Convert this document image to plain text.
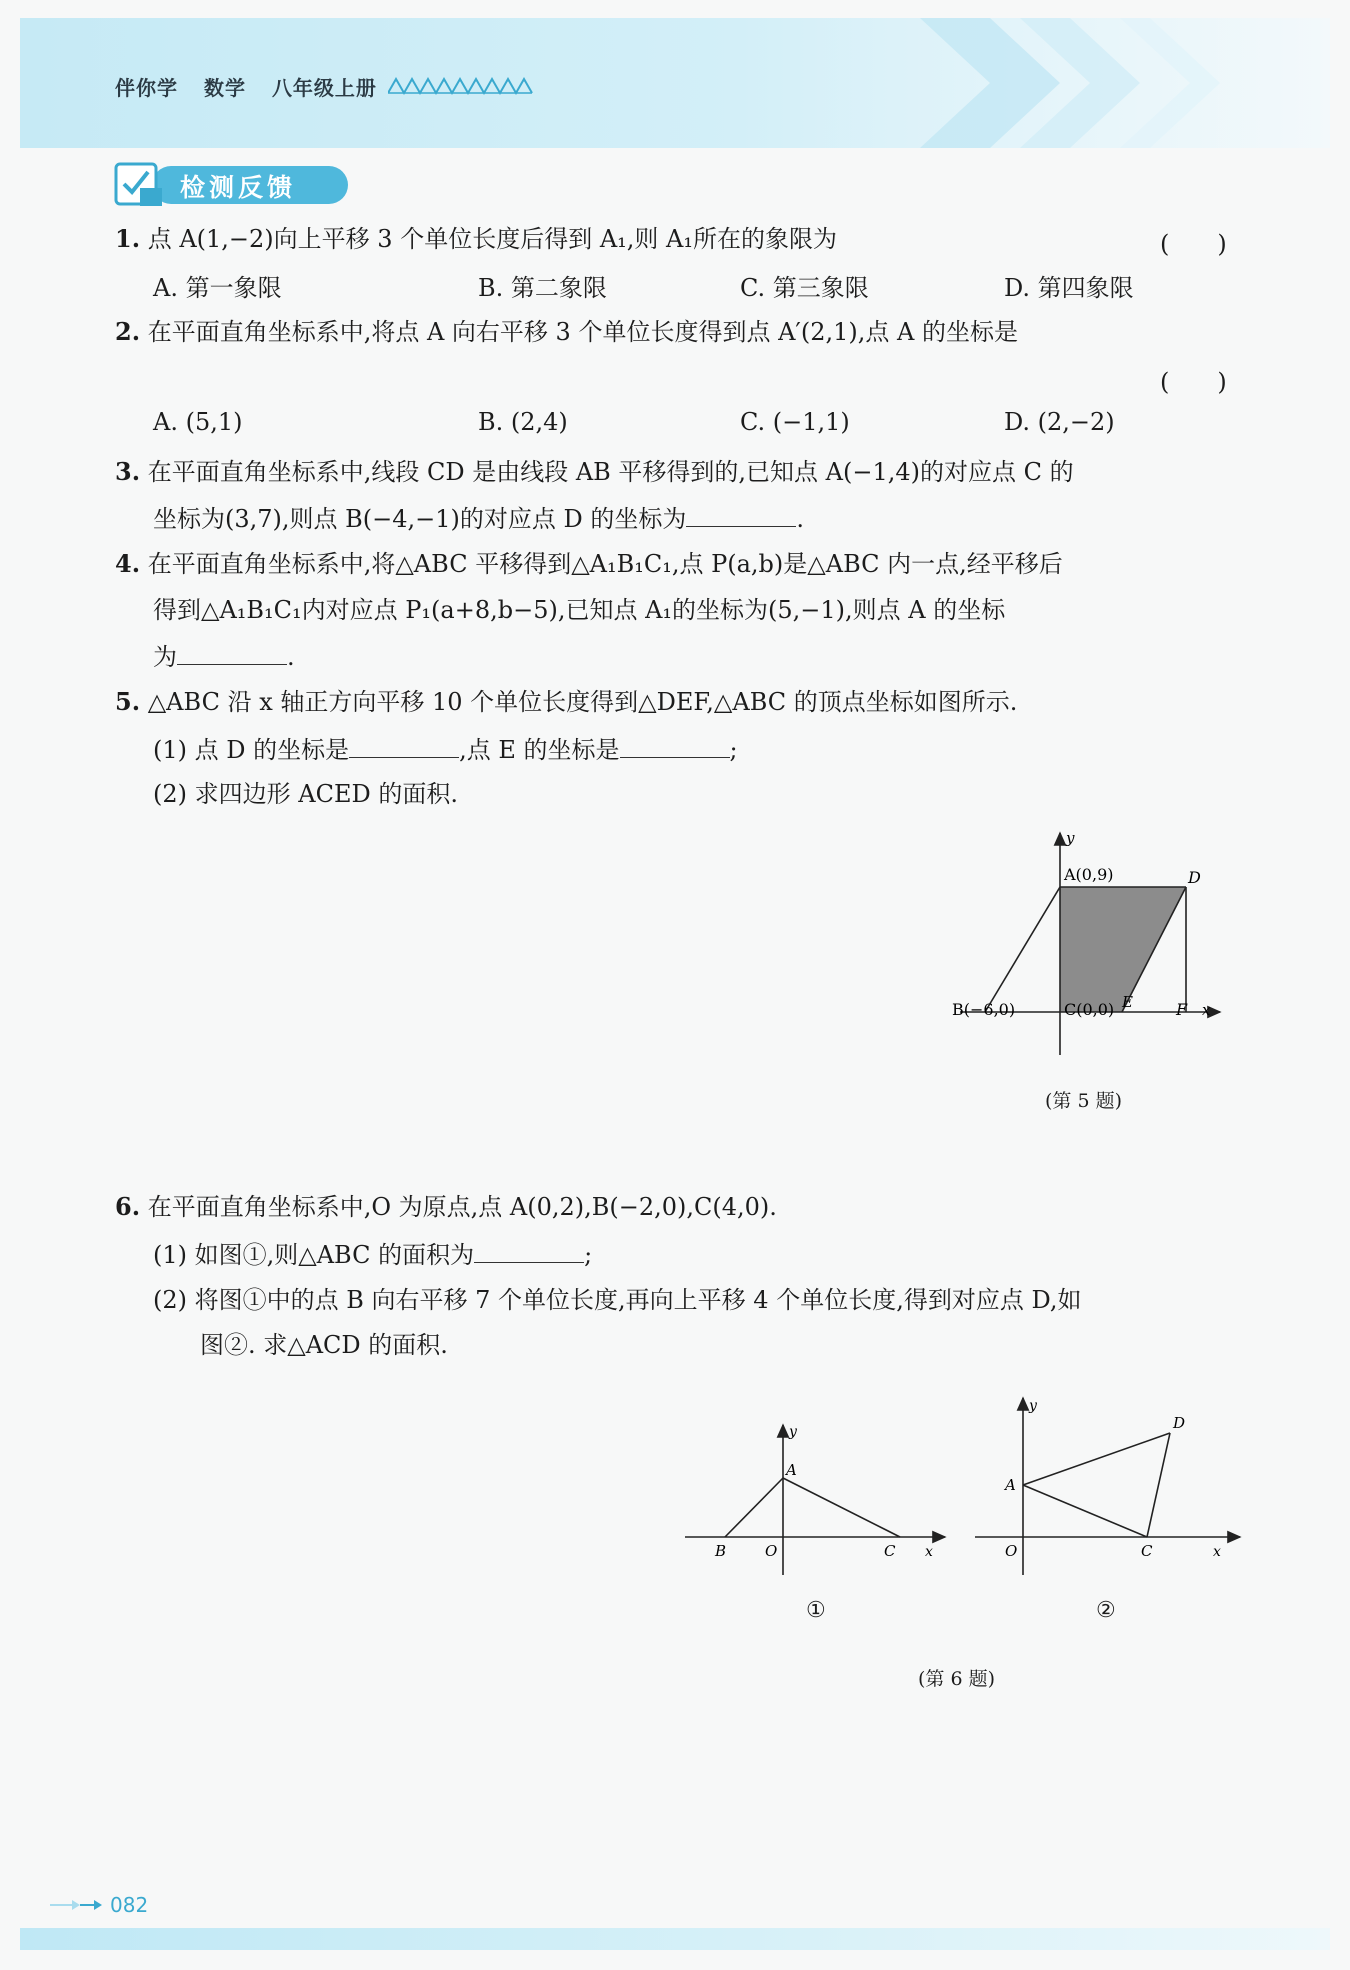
伴你学 数学 八年级上册
检测反馈
1. 点 A(1,−2)向上平移 3 个单位长度后得到 A₁,则 A₁所在的象限为	(　　)
A. 第一象限	B. 第二象限	C. 第三象限	D. 第四象限
2. 在平面直角坐标系中,将点 A 向右平移 3 个单位长度得到点 A′(2,1),点 A 的坐标是
(　　)
A. (5,1)	B. (2,4)	C. (−1,1)	D. (2,−2)
3. 在平面直角坐标系中,线段 CD 是由线段 AB 平移得到的,已知点 A(−1,4)的对应点 C 的
坐标为(3,7),则点 B(−4,−1)的对应点 D 的坐标为	.
4. 在平面直角坐标系中,将△ABC 平移得到△A₁B₁C₁,点 P(a,b)是△ABC 内一点,经平移后
得到△A₁B₁C₁内对应点 P₁(a+8,b−5),已知点 A₁的坐标为(5,−1),则点 A 的坐标
为	.
5. △ABC 沿 x 轴正方向平移 10 个单位长度得到△DEF,△ABC 的顶点坐标如图所示.
(1) 点 D 的坐标是	,点 E 的坐标是	;
(2) 求四边形 ACED 的面积.
y
A(0,9)	D
E
B(−6,0)	C(0,0)	F x
(第 5 题)
6. 在平面直角坐标系中,O 为原点,点 A(0,2),B(−2,0),C(4,0).
(1) 如图①,则△ABC 的面积为	;
(2) 将图①中的点 B 向右平移 7 个单位长度,再向上平移 4 个单位长度,得到对应点 D,如
图②. 求△ACD 的面积.
y
A
B	O	C x
y
D
A
O	C	x
①	②
(第 6 题)
082
